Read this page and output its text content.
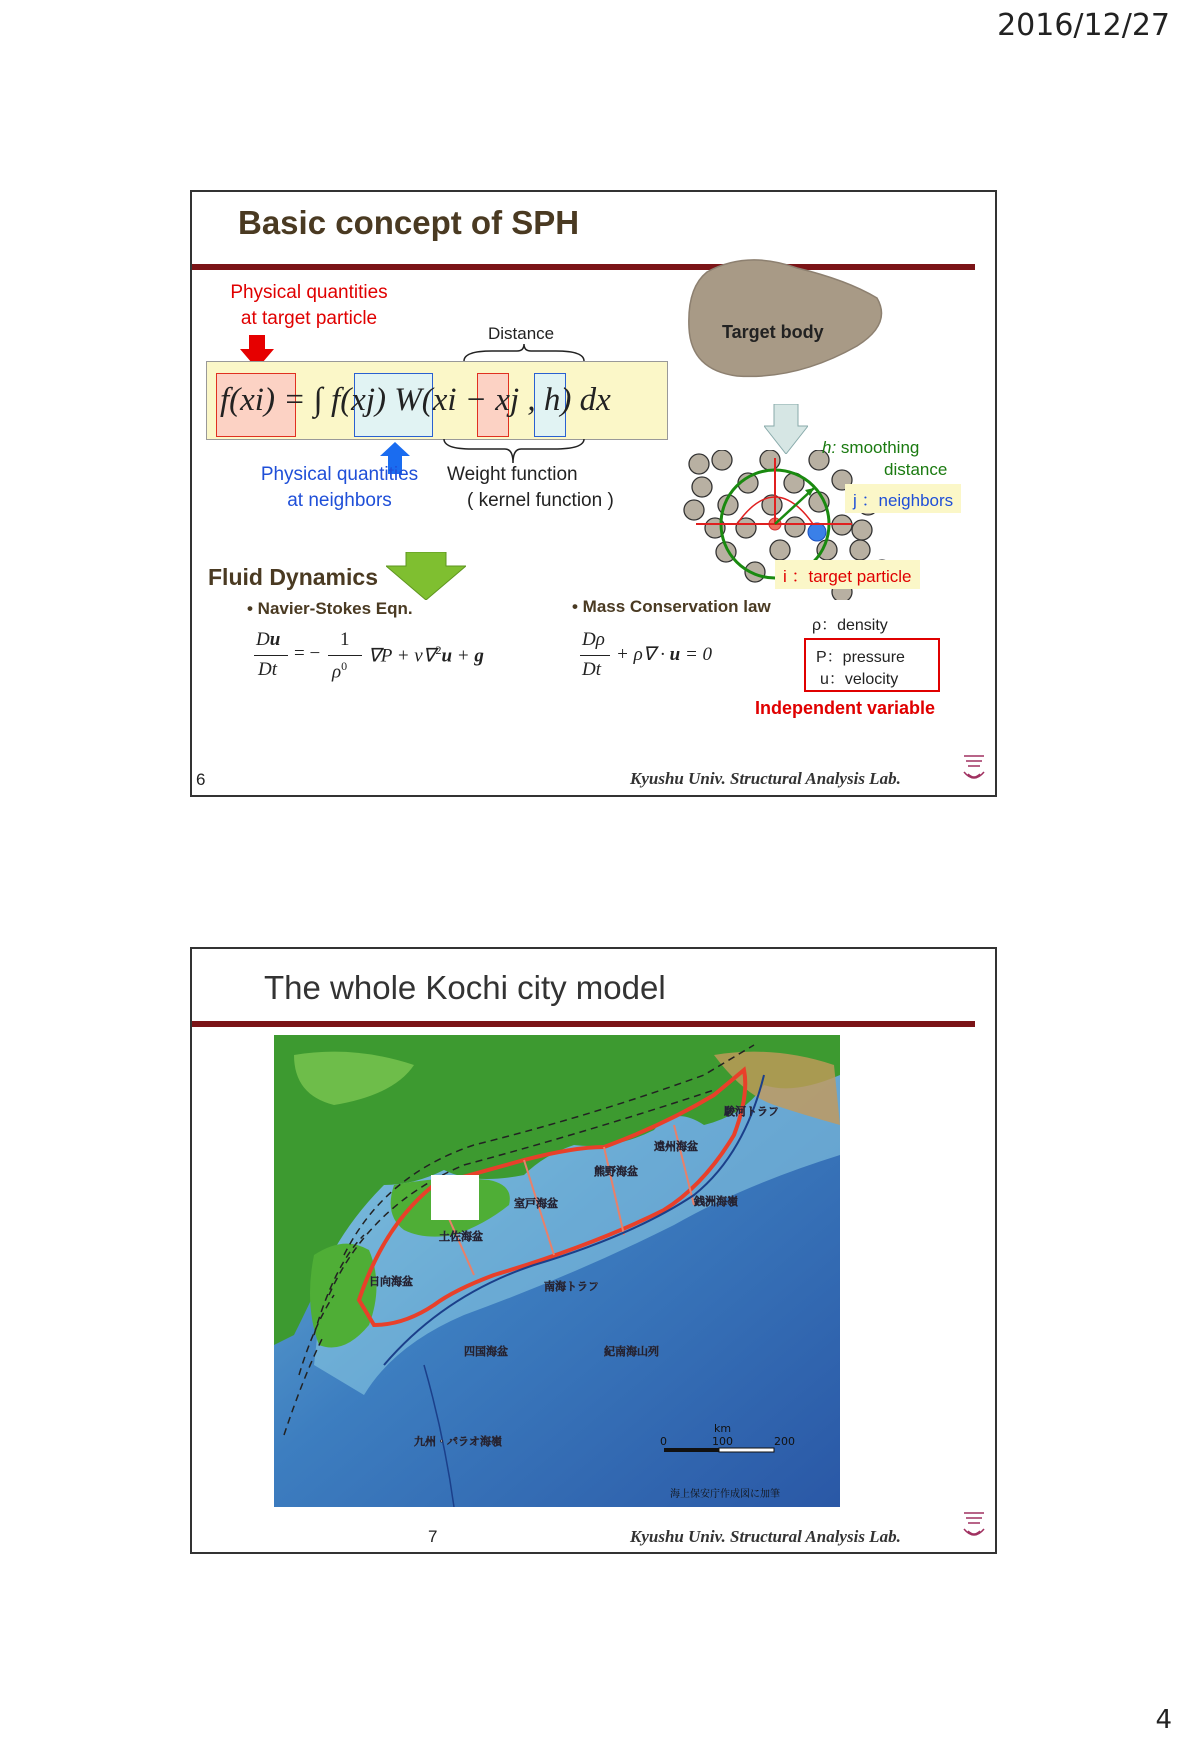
2016/12/27
Basic concept of SPH
Physical quantities
at target particle
Distance
f(xi) = ∫ f(xj) W(xi − xj , h) dx
Physical quantities
at neighbors
Weight function
( kernel function )
Target body
h: smoothing
distance
j ：neighbors
i ：target particle
Fluid Dynamics
• Navier-Stokes Eqn.	• Mass Conservation law
Du
Dt
= −
1
$\rho^0$ ∇P + ν∇$^2$u + g
Dρ
Dt
+ ρ∇ · u = 0
ρ：density
P：pressure
u：velocity
Independent variable
6	Kyushu Univ. Structural Analysis Lab.
The whole Kochi city model
室戸海盆
土佐海盆
日向海盆
熊野海盆
遠州海盆
南海トラフ
四国海盆	紀南海山列
銭洲海嶺
駿河トラフ
九州・パラオ海嶺
km
0	100	200
海上保安庁作成図に加筆
7	Kyushu Univ. Structural Analysis Lab.
4
